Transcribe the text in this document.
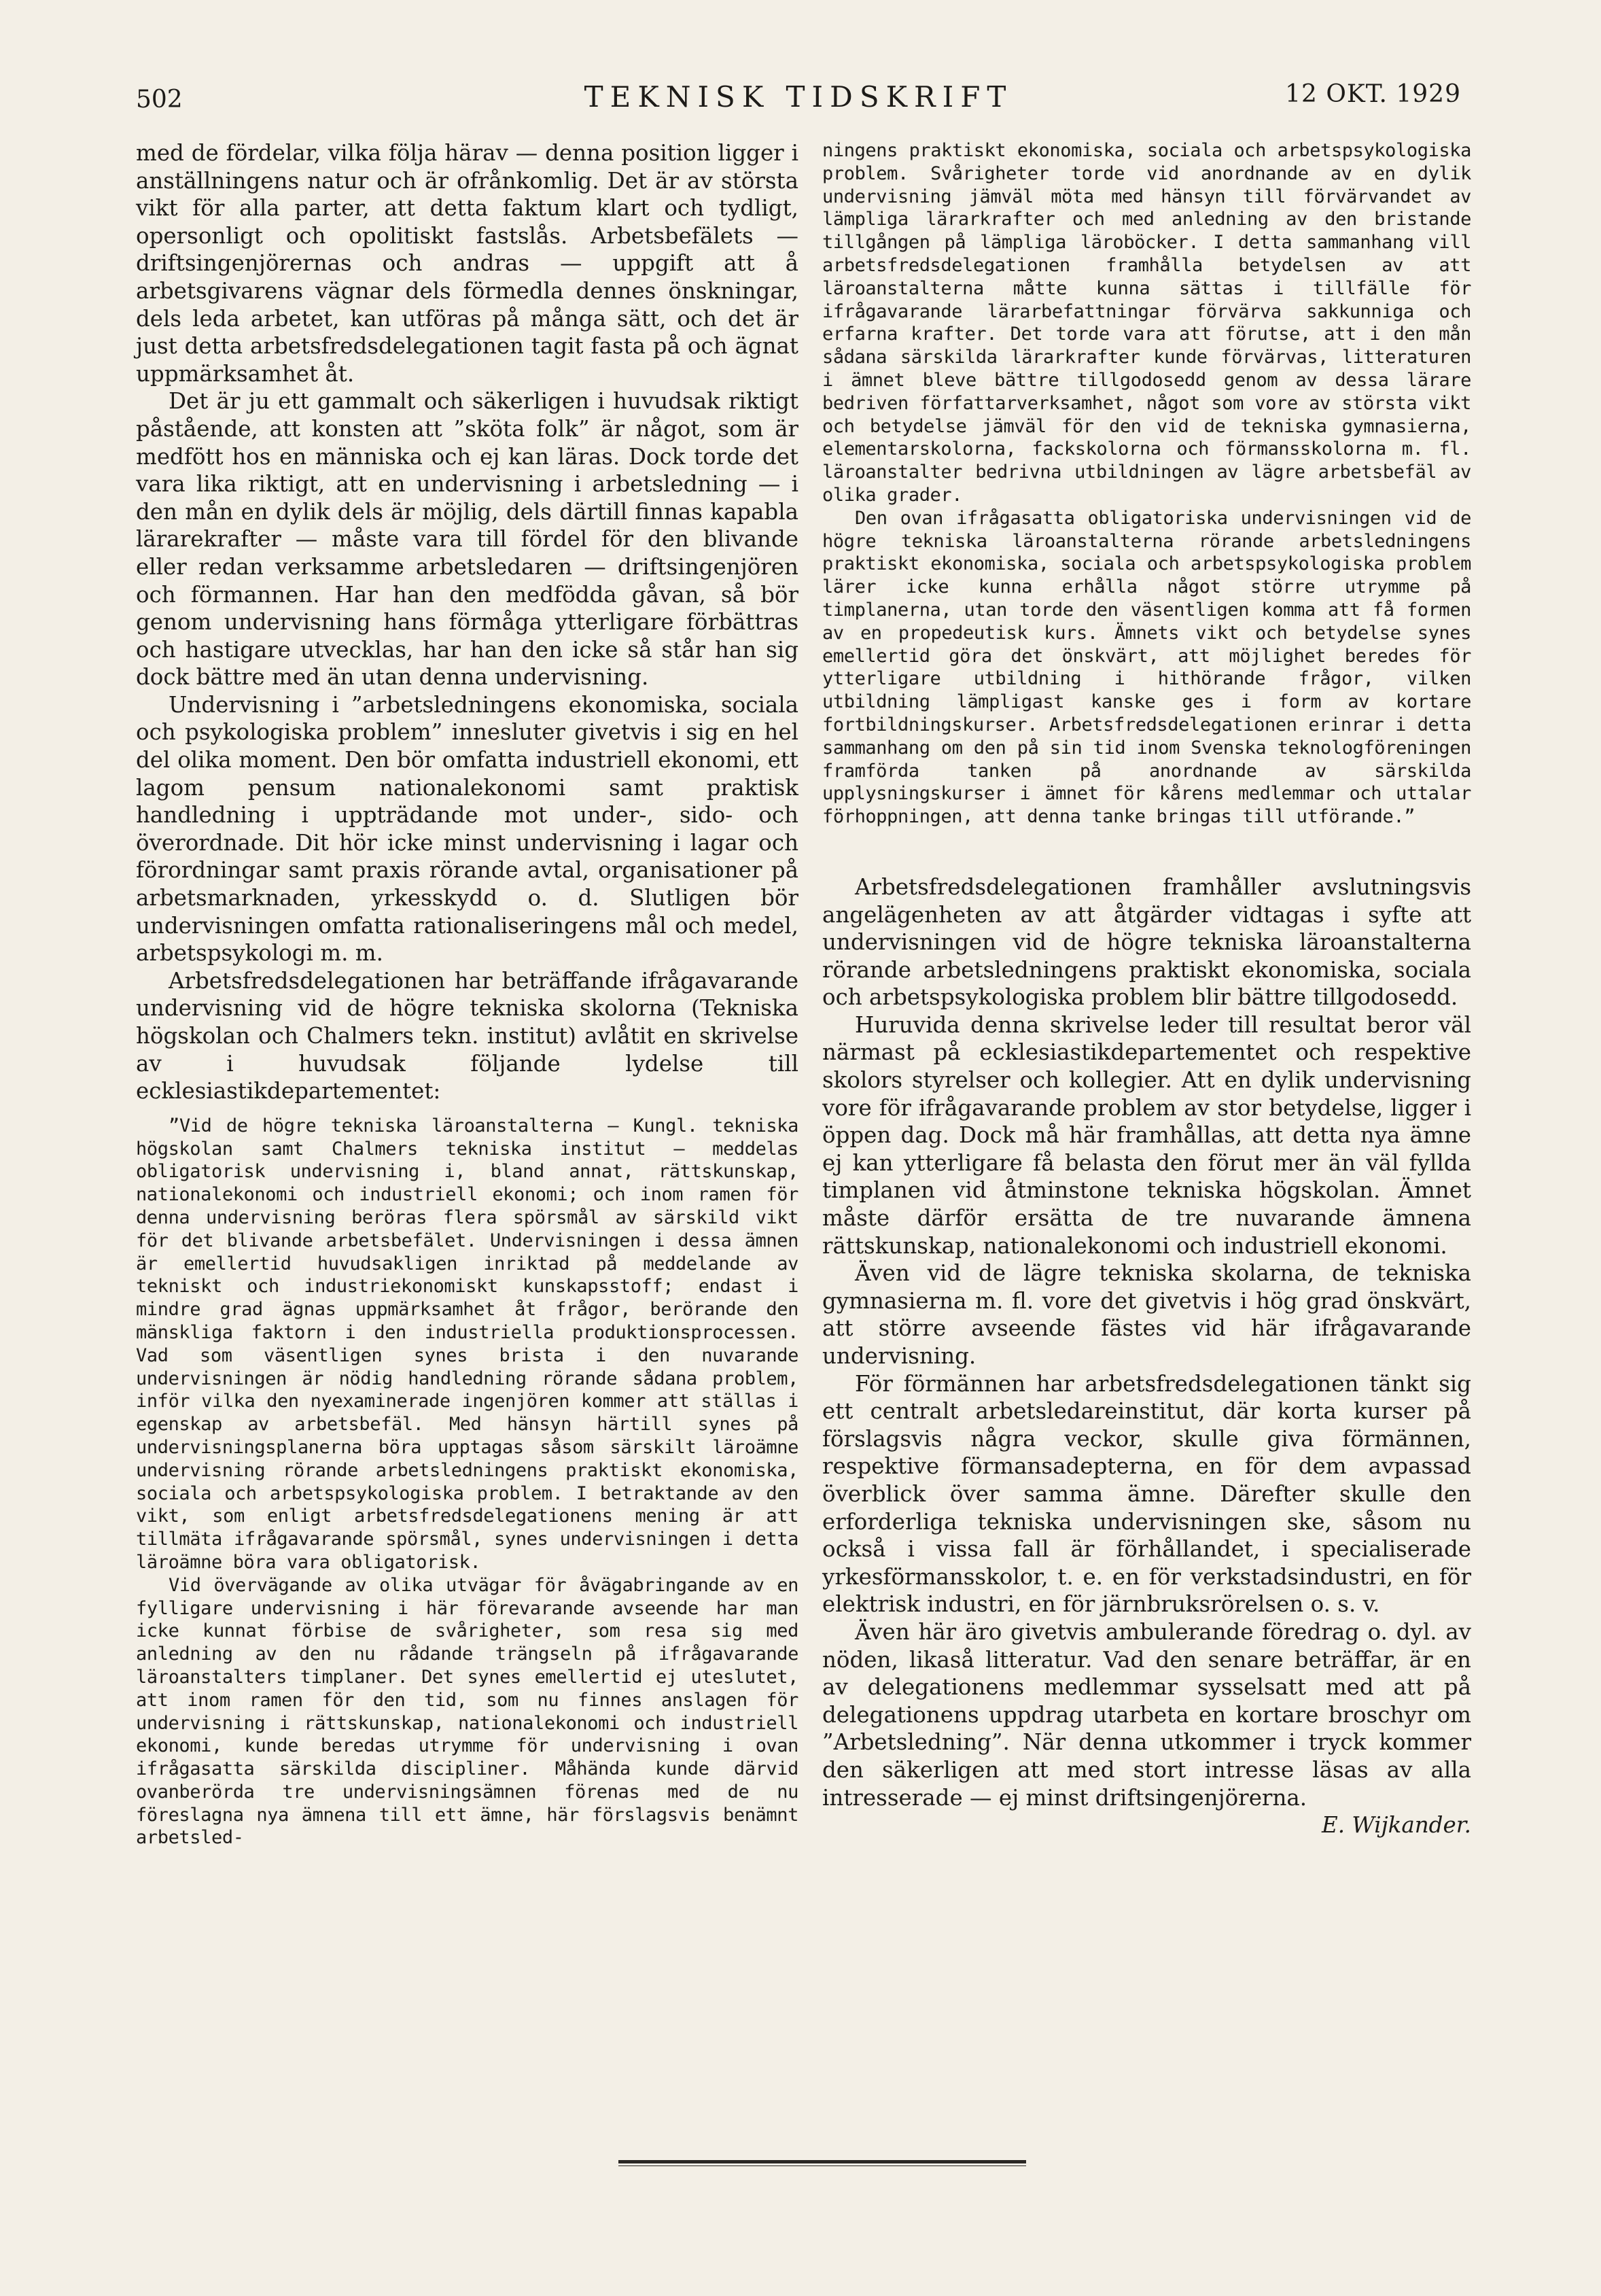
502	TEKNISK TIDSKRIFT	12 OKT. 1929

med de fördelar, vilka följa härav — denna position ligger i anställningens natur och är ofrånkomlig. Det är av största vikt för alla parter, att detta faktum klart och tydligt, opersonligt och opolitiskt fastslås. Arbetsbefälets — driftsingenjörernas och andras — uppgift att å arbetsgivarens vägnar dels förmedla dennes önskningar, dels leda arbetet, kan utföras på många sätt, och det är just detta arbetsfredsdelegationen tagit fasta på och ägnat uppmärksamhet åt.

Det är ju ett gammalt och säkerligen i huvudsak riktigt påstående, att konsten att ”sköta folk” är något, som är medfött hos en människa och ej kan läras. Dock torde det vara lika riktigt, att en undervisning i arbetsledning — i den mån en dylik dels är möjlig, dels därtill finnas kapabla lärarekrafter — måste vara till fördel för den blivande eller redan verksamme arbetsledaren — driftsingenjören och förmannen. Har han den medfödda gåvan, så bör genom undervisning hans förmåga ytterligare förbättras och hastigare utvecklas, har han den icke så står han sig dock bättre med än utan denna undervisning.

Undervisning i ”arbetsledningens ekonomiska, sociala och psykologiska problem” innesluter givetvis i sig en hel del olika moment. Den bör omfatta industriell ekonomi, ett lagom pensum nationalekonomi samt praktisk handledning i uppträdande mot under-, sido- och överordnade. Dit hör icke minst undervisning i lagar och förordningar samt praxis rörande avtal, organisationer på arbetsmarknaden, yrkesskydd o. d. Slutligen bör undervisningen omfatta rationaliseringens mål och medel, arbetspsykologi m. m.

Arbetsfredsdelegationen har beträffande ifrågavarande undervisning vid de högre tekniska skolorna (Tekniska högskolan och Chalmers tekn. institut) avlåtit en skrivelse av i huvudsak följande lydelse till ecklesiastikdepartementet:

”Vid de högre tekniska läroanstalterna — Kungl. tekniska högskolan samt Chalmers tekniska institut — meddelas obligatorisk undervisning i, bland annat, rättskunskap, nationalekonomi och industriell ekonomi; och inom ramen för denna undervisning beröras flera spörsmål av särskild vikt för det blivande arbetsbefälet. Undervisningen i dessa ämnen är emellertid huvudsakligen inriktad på meddelande av tekniskt och industriekonomiskt kunskapsstoff; endast i mindre grad ägnas uppmärksamhet åt frågor, berörande den mänskliga faktorn i den industriella produktionsprocessen. Vad som väsentligen synes brista i den nuvarande undervisningen är nödig handledning rörande sådana problem, inför vilka den nyexaminerade ingenjören kommer att ställas i egenskap av arbetsbefäl. Med hänsyn härtill synes på undervisningsplanerna böra upptagas såsom särskilt läroämne undervisning rörande arbetsledningens praktiskt ekonomiska, sociala och arbetspsykologiska problem. I betraktande av den vikt, som enligt arbetsfredsdelegationens mening är att tillmäta ifrågavarande spörsmål, synes undervisningen i detta läroämne böra vara obligatorisk.

Vid övervägande av olika utvägar för åvägabringande av en fylligare undervisning i här förevarande avseende har man icke kunnat förbise de svårigheter, som resa sig med anledning av den nu rådande trängseln på ifrågavarande läroanstalters timplaner. Det synes emellertid ej uteslutet, att inom ramen för den tid, som nu finnes anslagen för undervisning i rättskunskap, nationalekonomi och industriell ekonomi, kunde beredas utrymme för undervisning i ovan ifrågasatta särskilda discipliner. Måhända kunde därvid ovanberörda tre undervisningsämnen förenas med de nu föreslagna nya ämnena till ett ämne, här förslagsvis benämnt arbetsled-

ningens praktiskt ekonomiska, sociala och arbetspsykologiska problem. Svårigheter torde vid anordnande av en dylik undervisning jämväl möta med hänsyn till förvärvandet av lämpliga lärarkrafter och med anledning av den bristande tillgången på lämpliga läroböcker. I detta sammanhang vill arbetsfredsdelegationen framhålla betydelsen av att läroanstalterna måtte kunna sättas i tillfälle för ifrågavarande lärarbefattningar förvärva sakkunniga och erfarna krafter. Det torde vara att förutse, att i den mån sådana särskilda lärarkrafter kunde förvärvas, litteraturen i ämnet bleve bättre tillgodosedd genom av dessa lärare bedriven författarverksamhet, något som vore av största vikt och betydelse jämväl för den vid de tekniska gymnasierna, elementarskolorna, fackskolorna och förmansskolorna m. fl. läroanstalter bedrivna utbildningen av lägre arbetsbefäl av olika grader.

Den ovan ifrågasatta obligatoriska undervisningen vid de högre tekniska läroanstalterna rörande arbetsledningens praktiskt ekonomiska, sociala och arbetspsykologiska problem lärer icke kunna erhålla något större utrymme på timplanerna, utan torde den väsentligen komma att få formen av en propedeutisk kurs. Ämnets vikt och betydelse synes emellertid göra det önskvärt, att möjlighet beredes för ytterligare utbildning i hithörande frågor, vilken utbildning lämpligast kanske ges i form av kortare fortbildningskurser. Arbetsfredsdelegationen erinrar i detta sammanhang om den på sin tid inom Svenska teknologföreningen framförda tanken på anordnande av särskilda upplysningskurser i ämnet för kårens medlemmar och uttalar förhoppningen, att denna tanke bringas till utförande.”

Arbetsfredsdelegationen framhåller avslutningsvis angelägenheten av att åtgärder vidtagas i syfte att undervisningen vid de högre tekniska läroanstalterna rörande arbetsledningens praktiskt ekonomiska, sociala och arbetspsykologiska problem blir bättre tillgodosedd.

Huruvida denna skrivelse leder till resultat beror väl närmast på ecklesiastikdepartementet och respektive skolors styrelser och kollegier. Att en dylik undervisning vore för ifrågavarande problem av stor betydelse, ligger i öppen dag. Dock må här framhållas, att detta nya ämne ej kan ytterligare få belasta den förut mer än väl fyllda timplanen vid åtminstone tekniska högskolan. Ämnet måste därför ersätta de tre nuvarande ämnena rättskunskap, nationalekonomi och industriell ekonomi.

Även vid de lägre tekniska skolarna, de tekniska gymnasierna m. fl. vore det givetvis i hög grad önskvärt, att större avseende fästes vid här ifrågavarande undervisning.

För förmännen har arbetsfredsdelegationen tänkt sig ett centralt arbetsledareinstitut, där korta kurser på förslagsvis några veckor, skulle giva förmännen, respektive förmansadepterna, en för dem avpassad överblick över samma ämne. Därefter skulle den erforderliga tekniska undervisningen ske, såsom nu också i vissa fall är förhållandet, i specialiserade yrkesförmansskolor, t. e. en för verkstadsindustri, en för elektrisk industri, en för järnbruksrörelsen o. s. v.

Även här äro givetvis ambulerande föredrag o. dyl. av nöden, likaså litteratur. Vad den senare beträffar, är en av delegationens medlemmar sysselsatt med att på delegationens uppdrag utarbeta en kortare broschyr om ”Arbetsledning”. När denna utkommer i tryck kommer den säkerligen att med stort intresse läsas av alla intresserade — ej minst driftsingenjörerna.

E. Wijkander.
